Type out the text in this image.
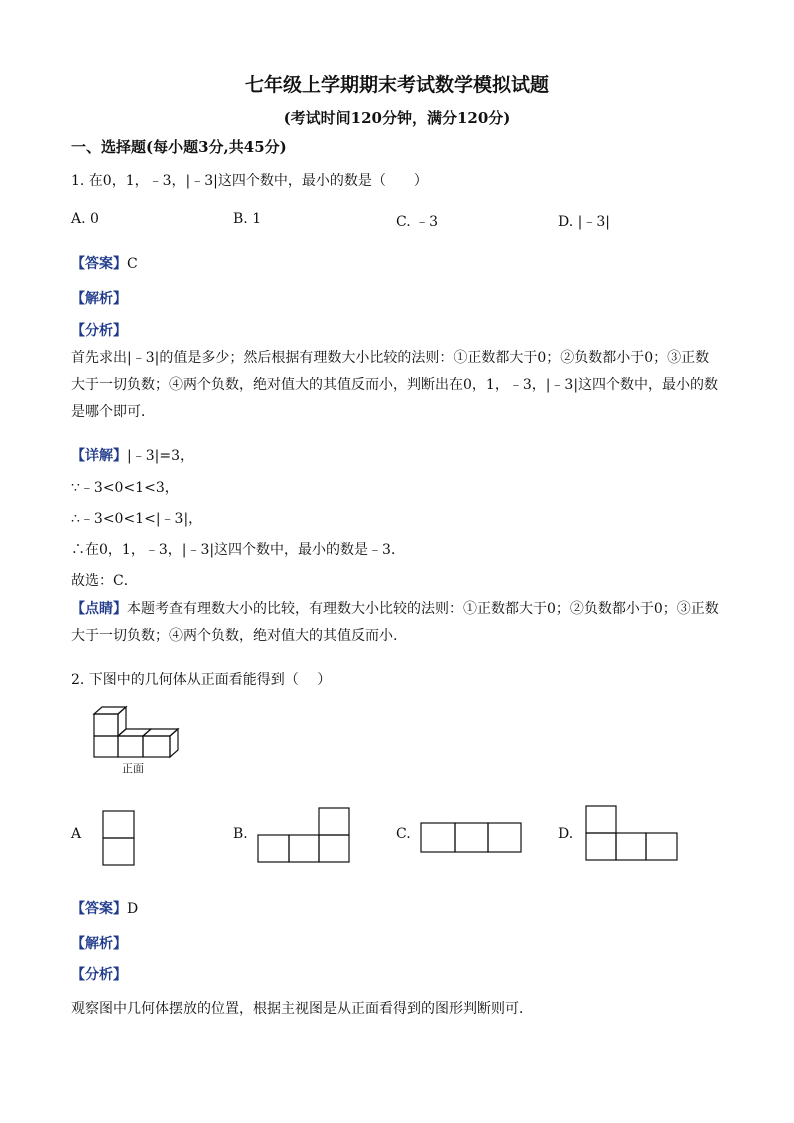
七年级上学期期末考试数学模拟试题
(考试时间120分钟，满分120分)
一、选择题(每小题3分,共45分)
1. 在0，1，﹣3，|﹣3|这四个数中，最小的数是（　　）
A. 0	B. 1	C. ﹣3	D. |﹣3|
【答案】C
【解析】
【分析】
首先求出|﹣3|的值是多少；然后根据有理数大小比较的法则：①正数都大于0；②负数都小于0；③正数大于一切负数；④两个负数，绝对值大的其值反而小，判断出在0，1，﹣3，|﹣3|这四个数中，最小的数是哪个即可．
【详解】|﹣3|=3，
∵﹣3<0<1<3，
∴﹣3<0<1<|﹣3|，
∴在0，1，﹣3，|﹣3|这四个数中，最小的数是﹣3．
故选：C．
【点睛】本题考查有理数大小的比较，有理数大小比较的法则：①正数都大于0；②负数都小于0；③正数大于一切负数；④两个负数，绝对值大的其值反而小.
2. 下图中的几何体从正面看能得到（　 ）
正面
A	B.	C.	D.
【答案】D
【解析】
【分析】
观察图中几何体摆放的位置，根据主视图是从正面看得到的图形判断则可．
